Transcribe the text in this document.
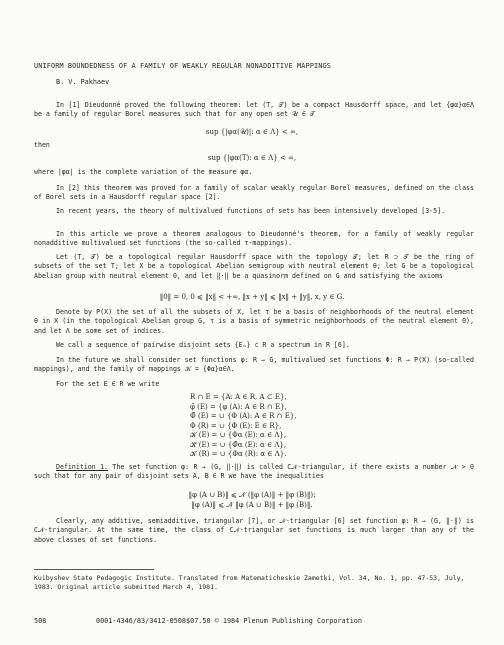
UNIFORM BOUNDEDNESS OF A FAMILY OF WEAKLY REGULAR NONADDITIVE MAPPINGS
B. V. Pakhaev
In [1] Dieudonné proved the following theorem: let (T, 𝒯) be a compact Hausdorff space, and let {φα}α∈Λ be a family of regular Borel measures such that for any open set 𝒰 ∈ 𝒯
sup {|φα(𝒰)|: α ∈ Λ} < ∞,
then
sup {|φα(T): α ∈ Λ} < ∞,
where |φα| is the complete variation of the measure φα.
In [2] this theorem was proved for a family of scalar weakly regular Borel measures, defined on the class of Borel sets in a Hausdorff regular space [2].
In recent years, the theory of multivalued functions of sets has been intensively developed [3-5].
In this article we prove a theorem analogous to Dieudonné's theorem, for a family of weakly regular nonadditive multivalued set functions (the so-called τ-mappings).
Let (T, 𝒯) be a topological regular Hausdorff space with the topology 𝒯; let R ⊃ 𝒯 be the ring of subsets of the set T; let X be a topological Abelian semigroup with neutral element θ; let G be a topological Abelian group with neutral element 0, and let ‖·‖ be a quasinorm defined on G and satisfying the axioms
‖0‖ = 0, 0 ⩽ ‖x‖ < +∞, ‖x + y‖ ⩽ ‖x‖ + ‖y‖, x, y ∈ G.
Denote by P(X) the set of all the subsets of X, let τ be a basis of neighborhoods of the neutral element θ in X (in the topological Abelian group G, τ is a basis of symmetric neighborhoods of the neutral element 0), and let Λ be some set of indices.
We call a sequence of pairwise disjoint sets {Eₙ} ⊂ R a spectrum in R [6].
In the future we shall consider set functions φ: R → G, multivalued set functions Φ: R → P(X) (so-called mappings), and the family of mappings 𝒦 = {Φα}α∈Λ.
For the set E ∈ R we write
R ∩ E = {A: A ∈ R, A ⊂ E},
φ̃ (E) = {φ (A): A ∈ R ∩ E},
Φ̃ (E) = ∪ {Φ (A): A ∈ R ∩ E},
Φ (R) = ∪ {Φ (E): E ∈ R},
𝒦 (E) = ∪ {Φα (E): α ∈ Λ},
𝒦̃ (E) = ∪ {Φ̃α (E): α ∈ Λ},
𝒦 (R) = ∪ {Φα (R): α ∈ Λ}.
Definition 1. The set function φ: R → (G, ‖·‖) is called C𝒩-triangular, if there exists a number 𝒩 > 0 such that for any pair of disjoint sets A, B ∈ R we have the inequalities
‖φ (A ∪ B)‖ ⩽ 𝒩 (‖φ (A)‖ + ‖φ (B)‖);
‖φ (A)‖ ⩽ 𝒩 ‖φ (A ∪ B)‖ + ‖φ (B)‖.
Clearly, any additive, semiadditive, triangular [7], or 𝒩-triangular [6] set function φ: R → (G, ‖·‖) is C𝒩-triangular. At the same time, the class of C𝒩-triangular set functions is much larger than any of the above classes of set functions.
Kuibyshev State Pedagogic Institute. Translated from Matematicheskie Zametki, Vol. 34, No. 1, pp. 47-53, July, 1983. Original article submitted March 4, 1981.
508	0001-4346/83/3412-0508$07.50 © 1984 Plenum Publishing Corporation
